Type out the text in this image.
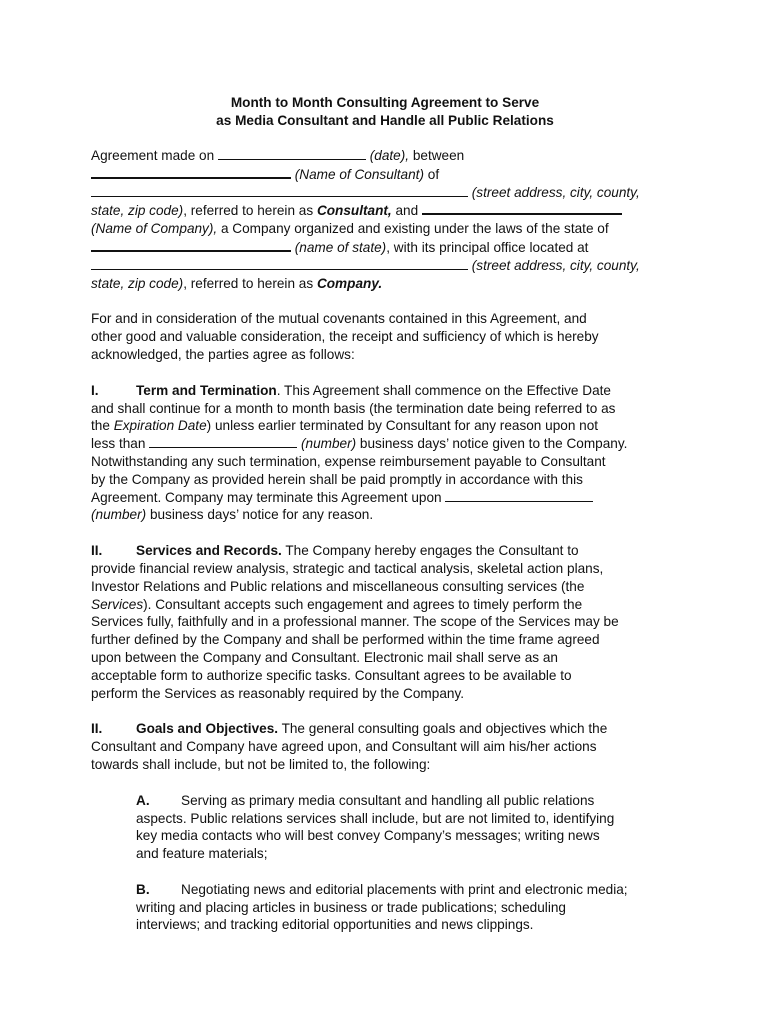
Month to Month Consulting Agreement to Serve
as Media Consultant and Handle all Public Relations
Agreement made on	(date), between
(Name of Consultant) of
(street address, city, county,
state, zip code), referred to herein as Consultant, and
(Name of Company), a Company organized and existing under the laws of the state of
(name of state), with its principal office located at
(street address, city, county,
state, zip code), referred to herein as Company.
For and in consideration of the mutual covenants contained in this Agreement, and
other good and valuable consideration, the receipt and sufficiency of which is hereby
acknowledged, the parties agree as follows:
I.	Term and Termination. This Agreement shall commence on the Effective Date
and shall continue for a month to month basis (the termination date being referred to as
the Expiration Date) unless earlier terminated by Consultant for any reason upon not
less than	(number) business days’ notice given to the Company.
Notwithstanding any such termination, expense reimbursement payable to Consultant
by the Company as provided herein shall be paid promptly in accordance with this
Agreement. Company may terminate this Agreement upon
(number) business days’ notice for any reason.
II. Services and Records. The Company hereby engages the Consultant to
provide financial review analysis, strategic and tactical analysis, skeletal action plans,
Investor Relations and Public relations and miscellaneous consulting services (the
Services). Consultant accepts such engagement and agrees to timely perform the
Services fully, faithfully and in a professional manner. The scope of the Services may be
further defined by the Company and shall be performed within the time frame agreed
upon between the Company and Consultant. Electronic mail shall serve as an
acceptable form to authorize specific tasks. Consultant agrees to be available to
perform the Services as reasonably required by the Company.
II. Goals and Objectives. The general consulting goals and objectives which the
Consultant and Company have agreed upon, and Consultant will aim his/her actions
towards shall include, but not be limited to, the following:
A. Serving as primary media consultant and handling all public relations
aspects. Public relations services shall include, but are not limited to, identifying
key media contacts who will best convey Company’s messages; writing news
and feature materials;
B. Negotiating news and editorial placements with print and electronic media;
writing and placing articles in business or trade publications; scheduling
interviews; and tracking editorial opportunities and news clippings.
